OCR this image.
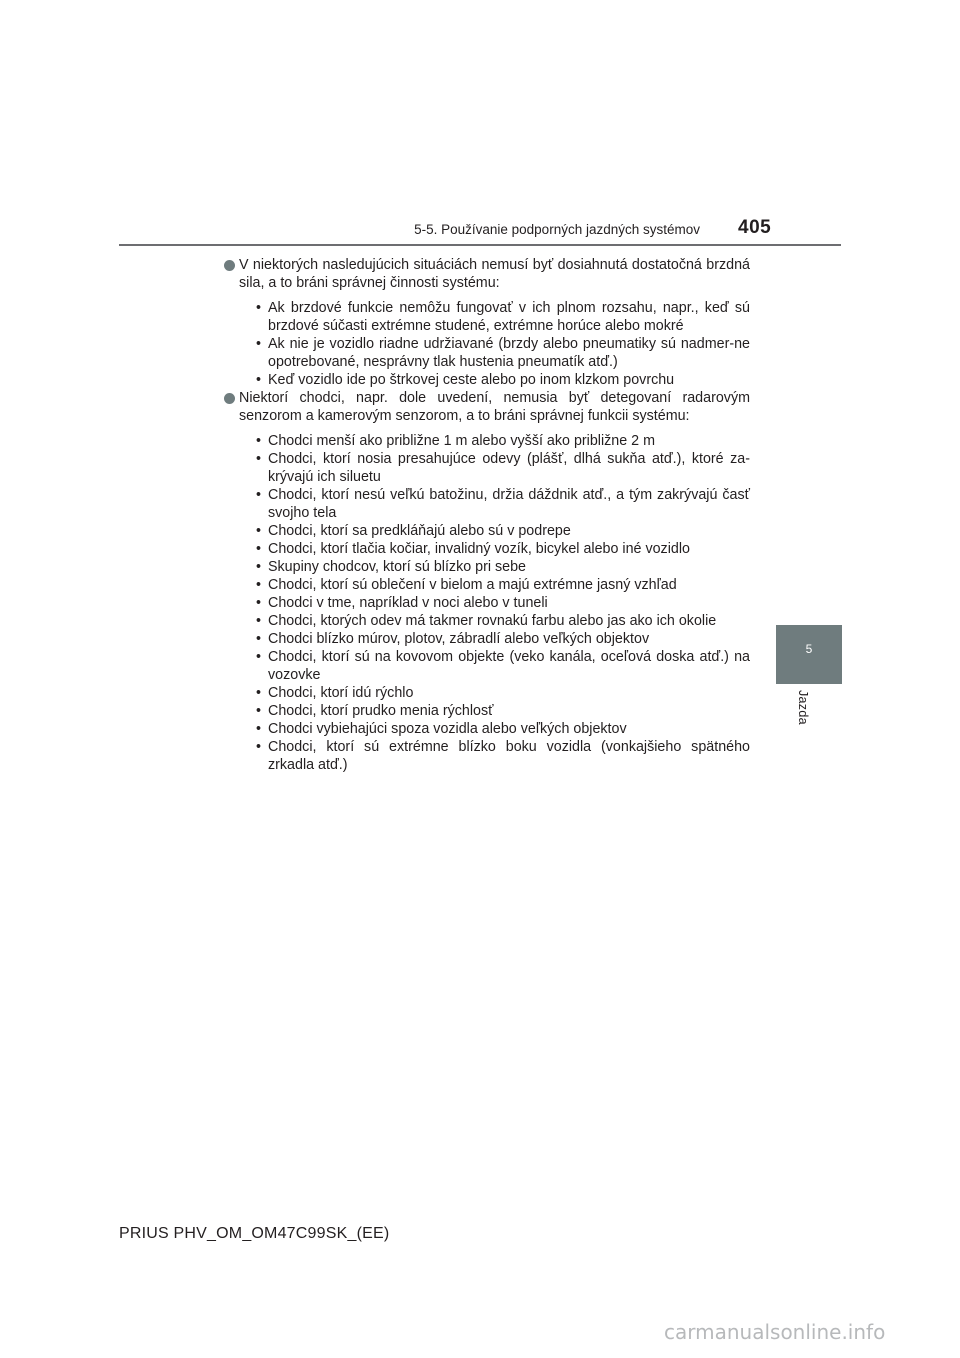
5-5. Používanie podporných jazdných systémov 405
5
Jazda

V niektorých nasledujúcich situáciách nemusí byť dosiahnutá dostatočná brzdná sila, a to bráni správnej činnosti systému:

• Ak brzdové funkcie nemôžu fungovať v ich plnom rozsahu, napr., keď sú brzdové súčasti extrémne studené, extrémne horúce alebo mokré
• Ak nie je vozidlo riadne udržiavané (brzdy alebo pneumatiky sú nadmer-ne opotrebované, nesprávny tlak hustenia pneumatík atď.)
• Keď vozidlo ide po štrkovej ceste alebo po inom klzkom povrchu

Niektorí chodci, napr. dole uvedení, nemusia byť detegovaní radarovým senzorom a kamerovým senzorom, a to bráni správnej funkcii systému:

• Chodci menší ako približne 1 m alebo vyšší ako približne 2 m
• Chodci, ktorí nosia presahujúce odevy (plášť, dlhá sukňa atď.), ktoré za-krývajú ich siluetu
• Chodci, ktorí nesú veľkú batožinu, držia dáždnik atď., a tým zakrývajú časť svojho tela
• Chodci, ktorí sa predkláňajú alebo sú v podrepe
• Chodci, ktorí tlačia kočiar, invalidný vozík, bicykel alebo iné vozidlo
• Skupiny chodcov, ktorí sú blízko pri sebe
• Chodci, ktorí sú oblečení v bielom a majú extrémne jasný vzhľad
• Chodci v tme, napríklad v noci alebo v tuneli
• Chodci, ktorých odev má takmer rovnakú farbu alebo jas ako ich okolie
• Chodci blízko múrov, plotov, zábradlí alebo veľkých objektov
• Chodci, ktorí sú na kovovom objekte (veko kanála, oceľová doska atď.) na vozovke
• Chodci, ktorí idú rýchlo
• Chodci, ktorí prudko menia rýchlosť
• Chodci vybiehajúci spoza vozidla alebo veľkých objektov
• Chodci, ktorí sú extrémne blízko boku vozidla (vonkajšieho spätného zrkadla atď.)
PRIUS PHV_OM_OM47C99SK_(EE)
carmanualsonline.info
